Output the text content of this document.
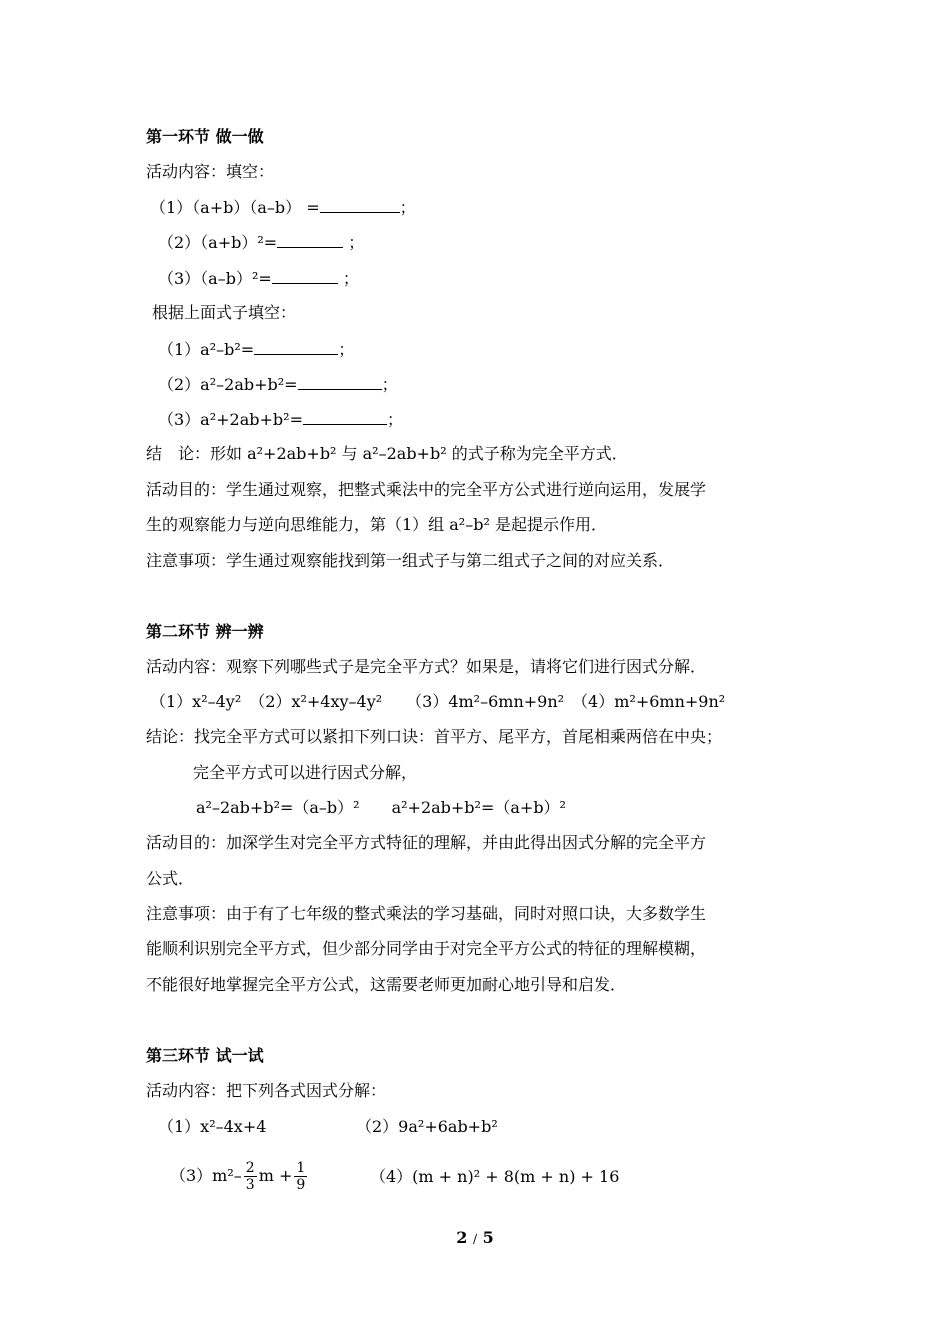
第一环节 做一做
活动内容：填空：
（1）（a+b）（a–b） =	；
（2）（a+b）²=	；
（3）（a–b）²=	；
根据上面式子填空：
（1）a²–b²=	；
（2）a²–2ab+b²=	；
（3）a²+2ab+b²=	；
结　论：形如 a²+2ab+b² 与 a²–2ab+b² 的式子称为完全平方式．
活动目的：学生通过观察，把整式乘法中的完全平方公式进行逆向运用，发展学
生的观察能力与逆向思维能力，第（1）组 a²–b² 是起提示作用．
注意事项：学生通过观察能找到第一组式子与第二组式子之间的对应关系．
第二环节 辨一辨
活动内容：观察下列哪些式子是完全平方式？如果是，请将它们进行因式分解．
（1）x²–4y²　（2）x²+4xy–4y²　　（3）4m²–6mn+9n²　（4）m²+6mn+9n²
结论：找完全平方式可以紧扣下列口诀：首平方、尾平方，首尾相乘两倍在中央；
完全平方式可以进行因式分解，
a²–2ab+b²=（a–b）²　　a²+2ab+b²=（a+b）²
活动目的：加深学生对完全平方式特征的理解，并由此得出因式分解的完全平方
公式．
注意事项：由于有了七年级的整式乘法的学习基础，同时对照口诀，大多数学生
能顺利识别完全平方式，但少部分同学由于对完全平方公式的特征的理解模糊，
不能很好地掌握完全平方公式，这需要老师更加耐心地引导和启发．
第三环节 试一试
活动内容：把下列各式因式分解：
（1）x²–4x+4	（2）9a²+6ab+b²
$(3)m^2- \frac{2}{3}$ $m + \frac{1}{9}$	（4）(m + n)² + 8(m + n) + 16
2 / 5
